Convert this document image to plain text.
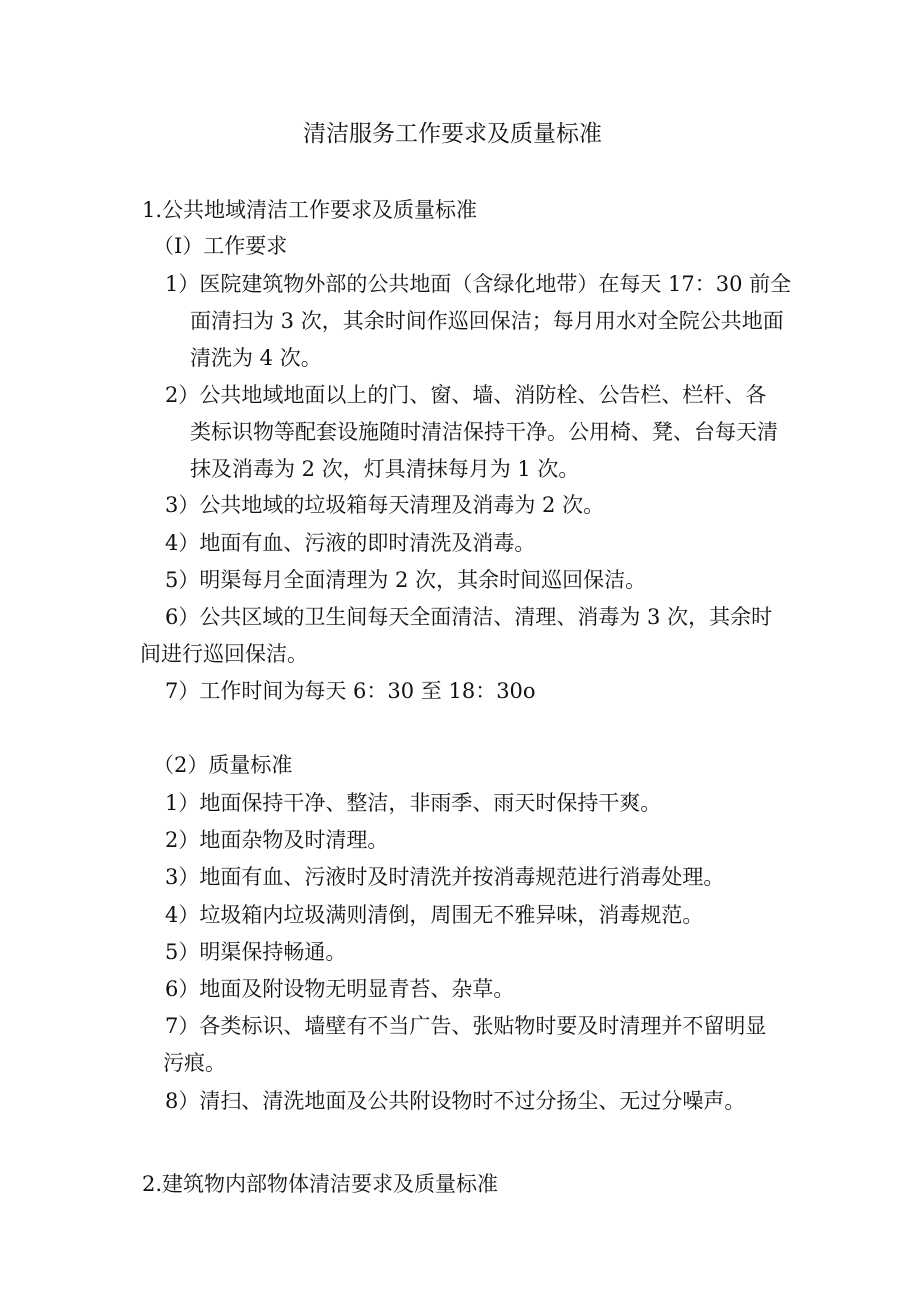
清洁服务工作要求及质量标准
1.公共地域清洁工作要求及质量标准
（I）工作要求
1）医院建筑物外部的公共地面（含绿化地带）在每天 17：30 前全
面清扫为 3 次，其余时间作巡回保洁；每月用水对全院公共地面
清洗为 4 次。
2）公共地域地面以上的门、窗、墙、消防栓、公告栏、栏杆、各
类标识物等配套设施随时清洁保持干净。公用椅、凳、台每天清
抹及消毒为 2 次，灯具清抹每月为 1 次。
3）公共地域的垃圾箱每天清理及消毒为 2 次。
4）地面有血、污液的即时清洗及消毒。
5）明渠每月全面清理为 2 次，其余时间巡回保洁。
6）公共区域的卫生间每天全面清洁、清理、消毒为 3 次，其余时
间进行巡回保洁。
7）工作时间为每天 6：30 至 18：30o
（2）质量标准
1）地面保持干净、整洁，非雨季、雨天时保持干爽。
2）地面杂物及时清理。
3）地面有血、污液时及时清洗并按消毒规范进行消毒处理。
4）垃圾箱内垃圾满则清倒，周围无不雅异味，消毒规范。
5）明渠保持畅通。
6）地面及附设物无明显青苔、杂草。
7）各类标识、墙壁有不当广告、张贴物时要及时清理并不留明显
污痕。
8）清扫、清洗地面及公共附设物时不过分扬尘、无过分噪声。
2.建筑物内部物体清洁要求及质量标准
